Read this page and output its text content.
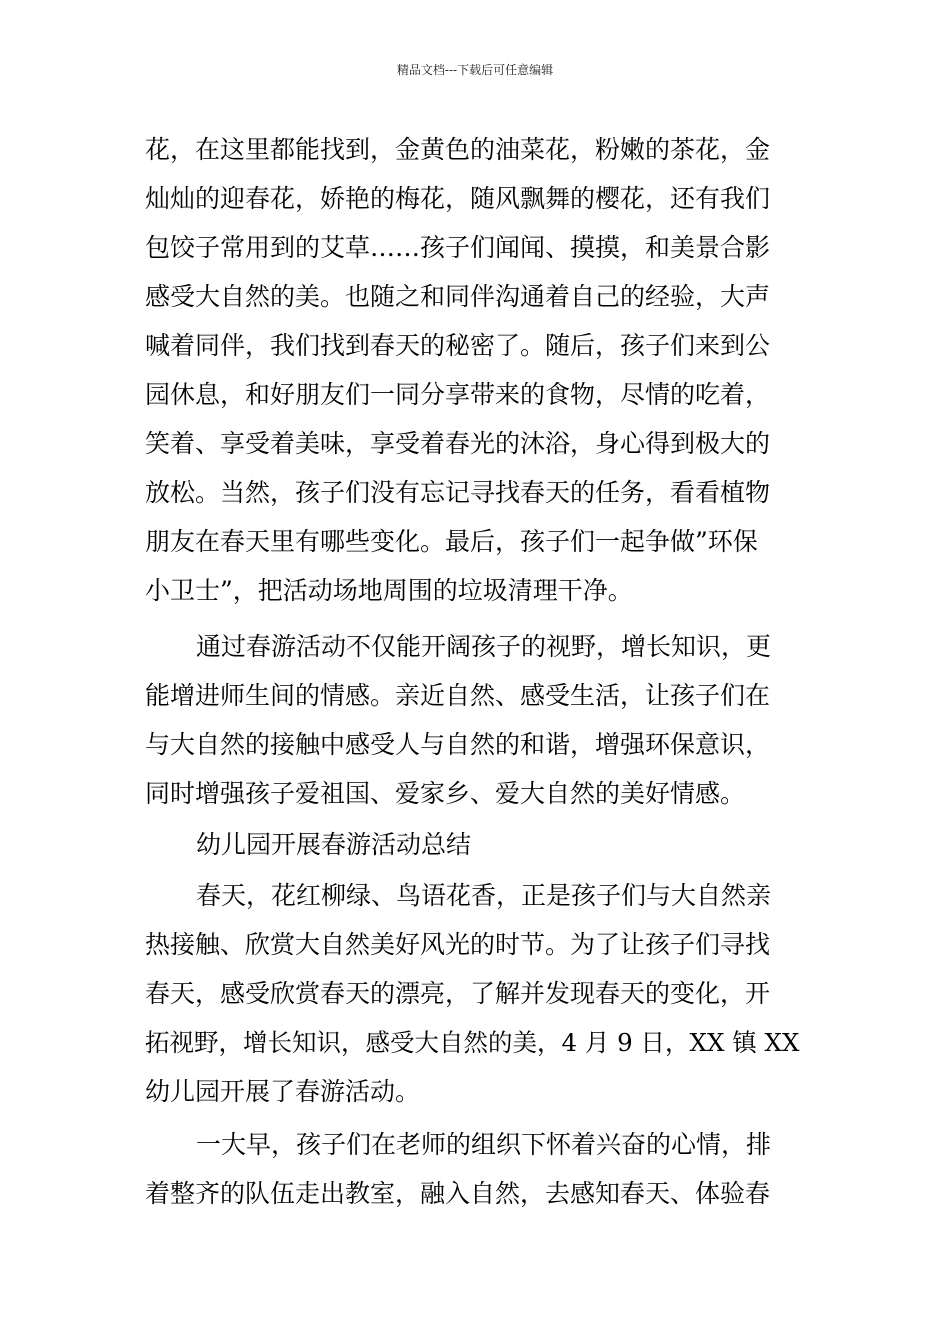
精品文档---下载后可任意编辑
花，在这里都能找到，金黄色的油菜花，粉嫩的茶花，金
灿灿的迎春花，娇艳的梅花，随风飘舞的樱花，还有我们
包饺子常用到的艾草……孩子们闻闻、摸摸，和美景合影
感受大自然的美。也随之和同伴沟通着自己的经验，大声
喊着同伴，我们找到春天的秘密了。随后，孩子们来到公
园休息，和好朋友们一同分享带来的食物，尽情的吃着，
笑着、享受着美味，享受着春光的沐浴，身心得到极大的
放松。当然，孩子们没有忘记寻找春天的任务，看看植物
朋友在春天里有哪些变化。最后，孩子们一起争做”环保
小卫士”，把活动场地周围的垃圾清理干净。
通过春游活动不仅能开阔孩子的视野，增长知识，更
能增进师生间的情感。亲近自然、感受生活，让孩子们在
与大自然的接触中感受人与自然的和谐，增强环保意识，
同时增强孩子爱祖国、爱家乡、爱大自然的美好情感。
幼儿园开展春游活动总结
春天，花红柳绿、鸟语花香，正是孩子们与大自然亲
热接触、欣赏大自然美好风光的时节。为了让孩子们寻找
春天，感受欣赏春天的漂亮，了解并发现春天的变化，开
拓视野，增长知识，感受大自然的美，4 月 9 日，XX 镇 XX
幼儿园开展了春游活动。
一大早，孩子们在老师的组织下怀着兴奋的心情，排
着整齐的队伍走出教室，融入自然，去感知春天、体验春
